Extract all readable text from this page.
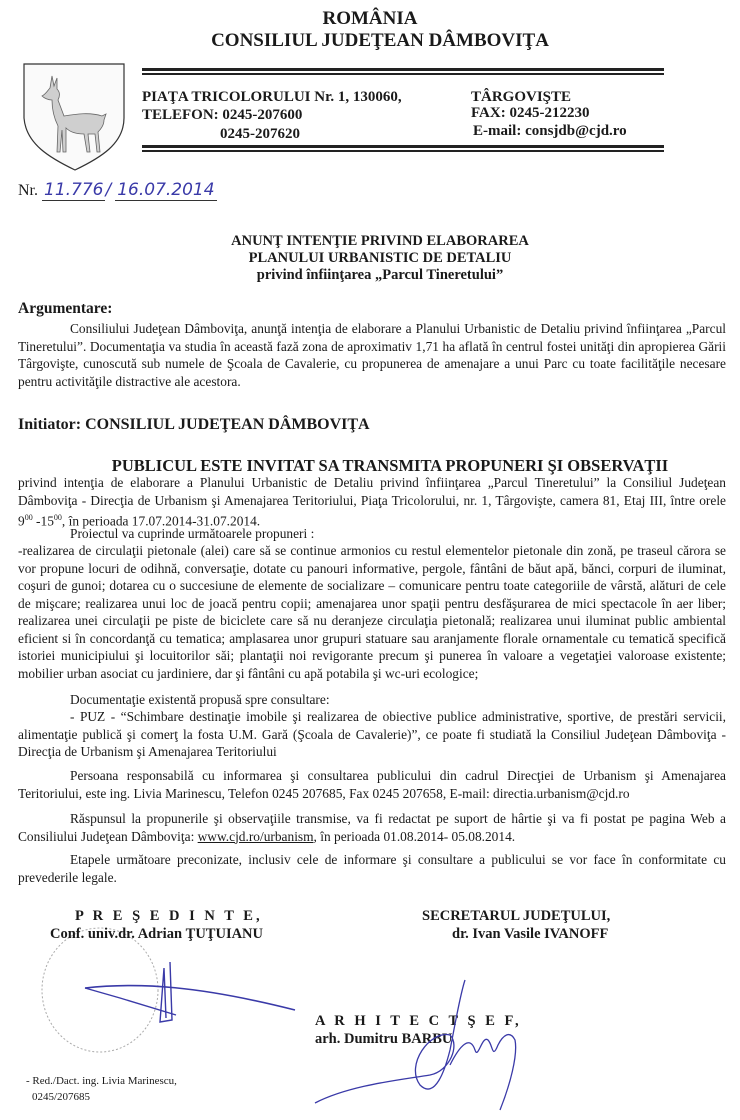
ROMÂNIA
CONSILIUL JUDEŢEAN DÂMBOVIŢA
PIAŢA TRICOLORULUI Nr. 1, 130060,	TÂRGOVIŞTE
TELEFON: 0245-207600	FAX: 0245-212230
0245-207620	E-mail: consjdb@cjd.ro
Nr. 11.776 / 16.07.2014
ANUNŢ INTENŢIE PRIVIND ELABORAREA
PLANULUI URBANISTIC DE DETALIU
privind înfiinţarea „Parcul Tineretului”
Argumentare:
Consiliului Judeţean Dâmboviţa, anunţă intenţia de elaborare a Planului Urbanistic de Detaliu privind înfiinţarea „Parcul Tineretului”. Documentaţia va studia în această fază zona de aproximativ 1,71 ha aflată în centrul fostei unităţi din apropierea Gării Târgovişte, cunoscută sub numele de Şcoala de Cavalerie, cu propunerea de amenajare a unui Parc cu toate facilităţile necesare pentru activităţile distractive ale acestora.
Initiator: CONSILIUL JUDEŢEAN DÂMBOVIŢA
PUBLICUL ESTE INVITAT SA TRANSMITA PROPUNERI ŞI OBSERVAŢII
privind intenţia de elaborare a Planului Urbanistic de Detaliu privind înfiinţarea „Parcul Tineretului” la Consiliul Judeţean Dâmboviţa - Direcţia de Urbanism şi Amenajarea Teritoriului, Piaţa Tricolorului, nr. 1, Târgovişte, camera 81, Etaj III, între orele $9^{00}$ $-15^{00}$, în perioada 17.07.2014-31.07.2014.
Proiectul va cuprinde următoarele propuneri :
-realizarea de circulaţii pietonale (alei) care să se continue armonios cu restul elementelor pietonale din zonă, pe traseul cărora se vor propune locuri de odihnă, conversaţie, dotate cu panouri informative, pergole, fântâni de băut apă, bănci, corpuri de iluminat, coşuri de gunoi; dotarea cu o succesiune de elemente de socializare – comunicare pentru toate categoriile de vârstă, alături de cele de mişcare; realizarea unui loc de joacă pentru copii; amenajarea unor spaţii pentru desfăşurarea de mici spectacole în aer liber; realizarea unei circulaţii pe piste de biciclete care să nu deranjeze circulaţia pietonală; realizarea unui iluminat public ambiental eficient si în concordanţă cu tematica; amplasarea unor grupuri statuare sau aranjamente florale ornamentale cu tematică specifică istoriei municipiului şi locuitorilor săi; plantaţii noi revigorante precum şi punerea în valoare a vegetaţiei valoroase existente; mobilier urban asociat cu jardiniere, dar şi fântâni cu apă potabila şi wc-uri ecologice;
Documentaţie existentă propusă spre consultare:
- PUZ - “Schimbare destinaţie imobile şi realizarea de obiective publice administrative, sportive, de prestări servicii, alimentaţie publică şi comerţ la fosta U.M. Gară (Şcoala de Cavalerie)”, ce poate fi studiată la Consiliul Judeţean Dâmboviţa - Direcţia de Urbanism şi Amenajarea Teritoriului
Persoana responsabilă cu informarea şi consultarea publicului din cadrul Direcţiei de Urbanism şi Amenajarea Teritoriului, este ing. Livia Marinescu, Telefon 0245 207685, Fax 0245 207658, E-mail: directia.urbanism@cjd.ro
Răspunsul la propunerile şi observaţiile transmise, va fi redactat pe suport de hârtie şi va fi postat pe pagina Web a Consiliului Judeţean Dâmboviţa: www.cjd.ro/urbanism, în perioada 01.08.2014- 05.08.2014.
Etapele următoare preconizate, inclusiv cele de informare şi consultare a publicului se vor face în conformitate cu prevederile legale.
P R E Ş E D I N T E,
Conf. univ.dr. Adrian ŢUŢUIANU
SECRETARUL JUDEŢULUI,
dr. Ivan Vasile IVANOFF
A R H I T E C T Ş E F,
arh. Dumitru BARBU
- Red./Dact. ing. Livia Marinescu,
0245/207685
